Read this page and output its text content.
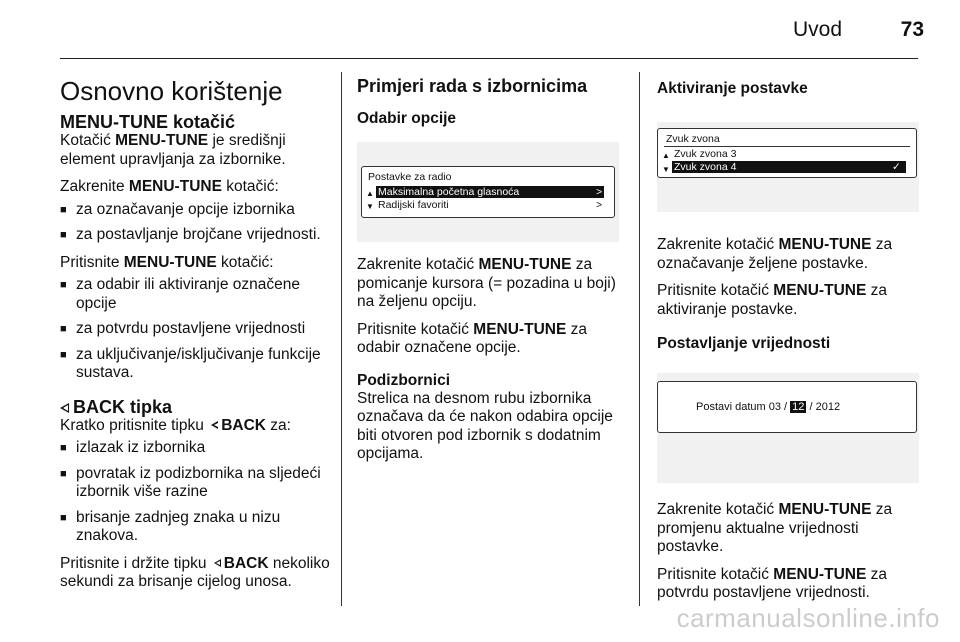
Uvod	73
Osnovno korištenje
MENU-TUNE kotačić

Kotačić MENU-TUNE je središnji element upravljanja za izbornike.

Zakrenite MENU-TUNE kotačić:

■ za označavanje opcije izbornika
■ za postavljanje brojčane vrijednosti.

Pritisnite MENU-TUNE kotačić:

■ za odabir ili aktiviranje označene opcije
■ za potvrdu postavljene vrijednosti
■ za uključivanje/isključivanje funkcije sustava.
BACK tipka

Kratko pritisnite tipku BACK za:

■ izlazak iz izbornika
■ povratak iz podizbornika na sljedeći izbornik više razine
■ brisanje zadnjeg znaka u nizu znakova.

Pritisnite i držite tipku BACK nekoliko sekundi za brisanje cijelog unosa.

Primjeri rada s izbornicima
Odabir opcije
Postavke za radio
▲ Maksimalna početna glasnoća	>
▼ Radijski favoriti	>

Zakrenite kotačić MENU-TUNE za pomicanje kursora (= pozadina u boji) na željenu opciju.

Pritisnite kotačić MENU-TUNE za odabir označene opcije.

Podizbornici

Strelica na desnom rubu izbornika označava da će nakon odabira opcije biti otvoren pod izbornik s dodatnim opcijama.

Aktiviranje postavke
Zvuk zvona
▲ Zvuk zvona 3
▼ Zvuk zvona 4	✓

Zakrenite kotačić MENU-TUNE za označavanje željene postavke.

Pritisnite kotačić MENU-TUNE za aktiviranje postavke.

Postavljanje vrijednosti
Postavi datum 03 / 12 / 2012

Zakrenite kotačić MENU-TUNE za promjenu aktualne vrijednosti postavke.

Pritisnite kotačić MENU-TUNE za potvrdu postavljene vrijednosti.

carmanualsonline.info
